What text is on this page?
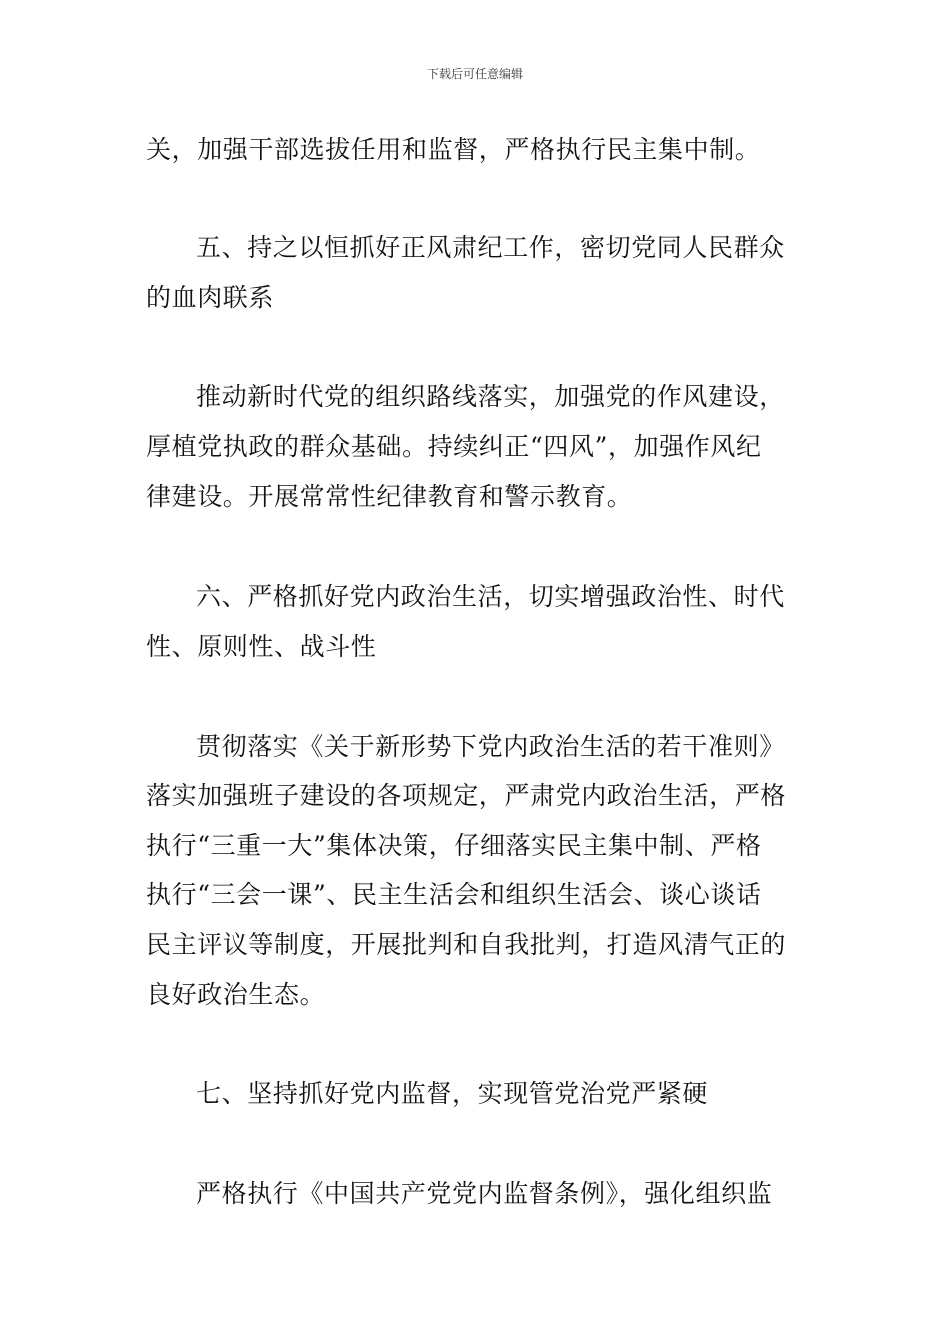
下载后可任意编辑
关，加强干部选拔任用和监督，严格执行民主集中制。
五、持之以恒抓好正风肃纪工作，密切党同人民群众
的血肉联系
推动新时代党的组织路线落实，加强党的作风建设，
厚植党执政的群众基础。持续纠正“四风”，加强作风纪
律建设。开展常常性纪律教育和警示教育。
六、严格抓好党内政治生活，切实增强政治性、时代
性、原则性、战斗性
贯彻落实《关于新形势下党内政治生活的若干准则》
落实加强班子建设的各项规定，严肃党内政治生活，严格
执行“三重一大”集体决策，仔细落实民主集中制、严格
执行“三会一课”、民主生活会和组织生活会、谈心谈话
民主评议等制度，开展批判和自我批判，打造风清气正的
良好政治生态。
七、坚持抓好党内监督，实现管党治党严紧硬
严格执行《中国共产党党内监督条例》，强化组织监
